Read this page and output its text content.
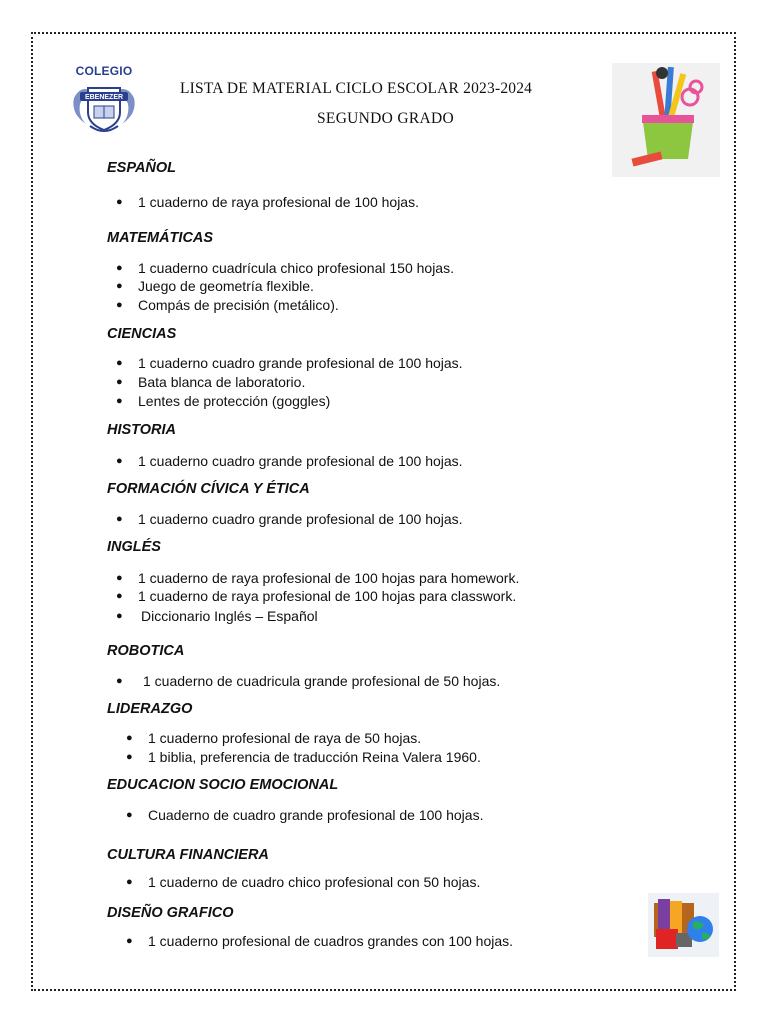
COLEGIO
EBENEZER
LISTA DE MATERIAL CICLO ESCOLAR 2023-2024
SEGUNDO GRADO
ESPAÑOL
● 1 cuaderno de raya profesional de 100 hojas.
MATEMÁTICAS
● 1 cuaderno cuadrícula chico profesional 150 hojas.
● Juego de geometría flexible.
● Compás de precisión (metálico).
CIENCIAS
● 1 cuaderno cuadro grande profesional de 100 hojas.
● Bata blanca de laboratorio.
● Lentes de protección (goggles)
HISTORIA
● 1 cuaderno cuadro grande profesional de 100 hojas.
FORMACIÓN CÍVICA Y ÉTICA
● 1 cuaderno cuadro grande profesional de 100 hojas.
INGLÉS
● 1 cuaderno de raya profesional de 100 hojas para homework.
● 1 cuaderno de raya profesional de 100 hojas para classwork.
● Diccionario Inglés – Español
ROBOTICA
● 1 cuaderno de cuadricula grande profesional de 50 hojas.
LIDERAZGO
● 1 cuaderno profesional de raya de 50 hojas.
● 1 biblia, preferencia de traducción Reina Valera 1960.
EDUCACION SOCIO EMOCIONAL
● Cuaderno de cuadro grande profesional de 100 hojas.
CULTURA FINANCIERA
● 1 cuaderno de cuadro chico profesional con 50 hojas.
DISEÑO GRAFICO
● 1 cuaderno profesional de cuadros grandes con 100 hojas.
